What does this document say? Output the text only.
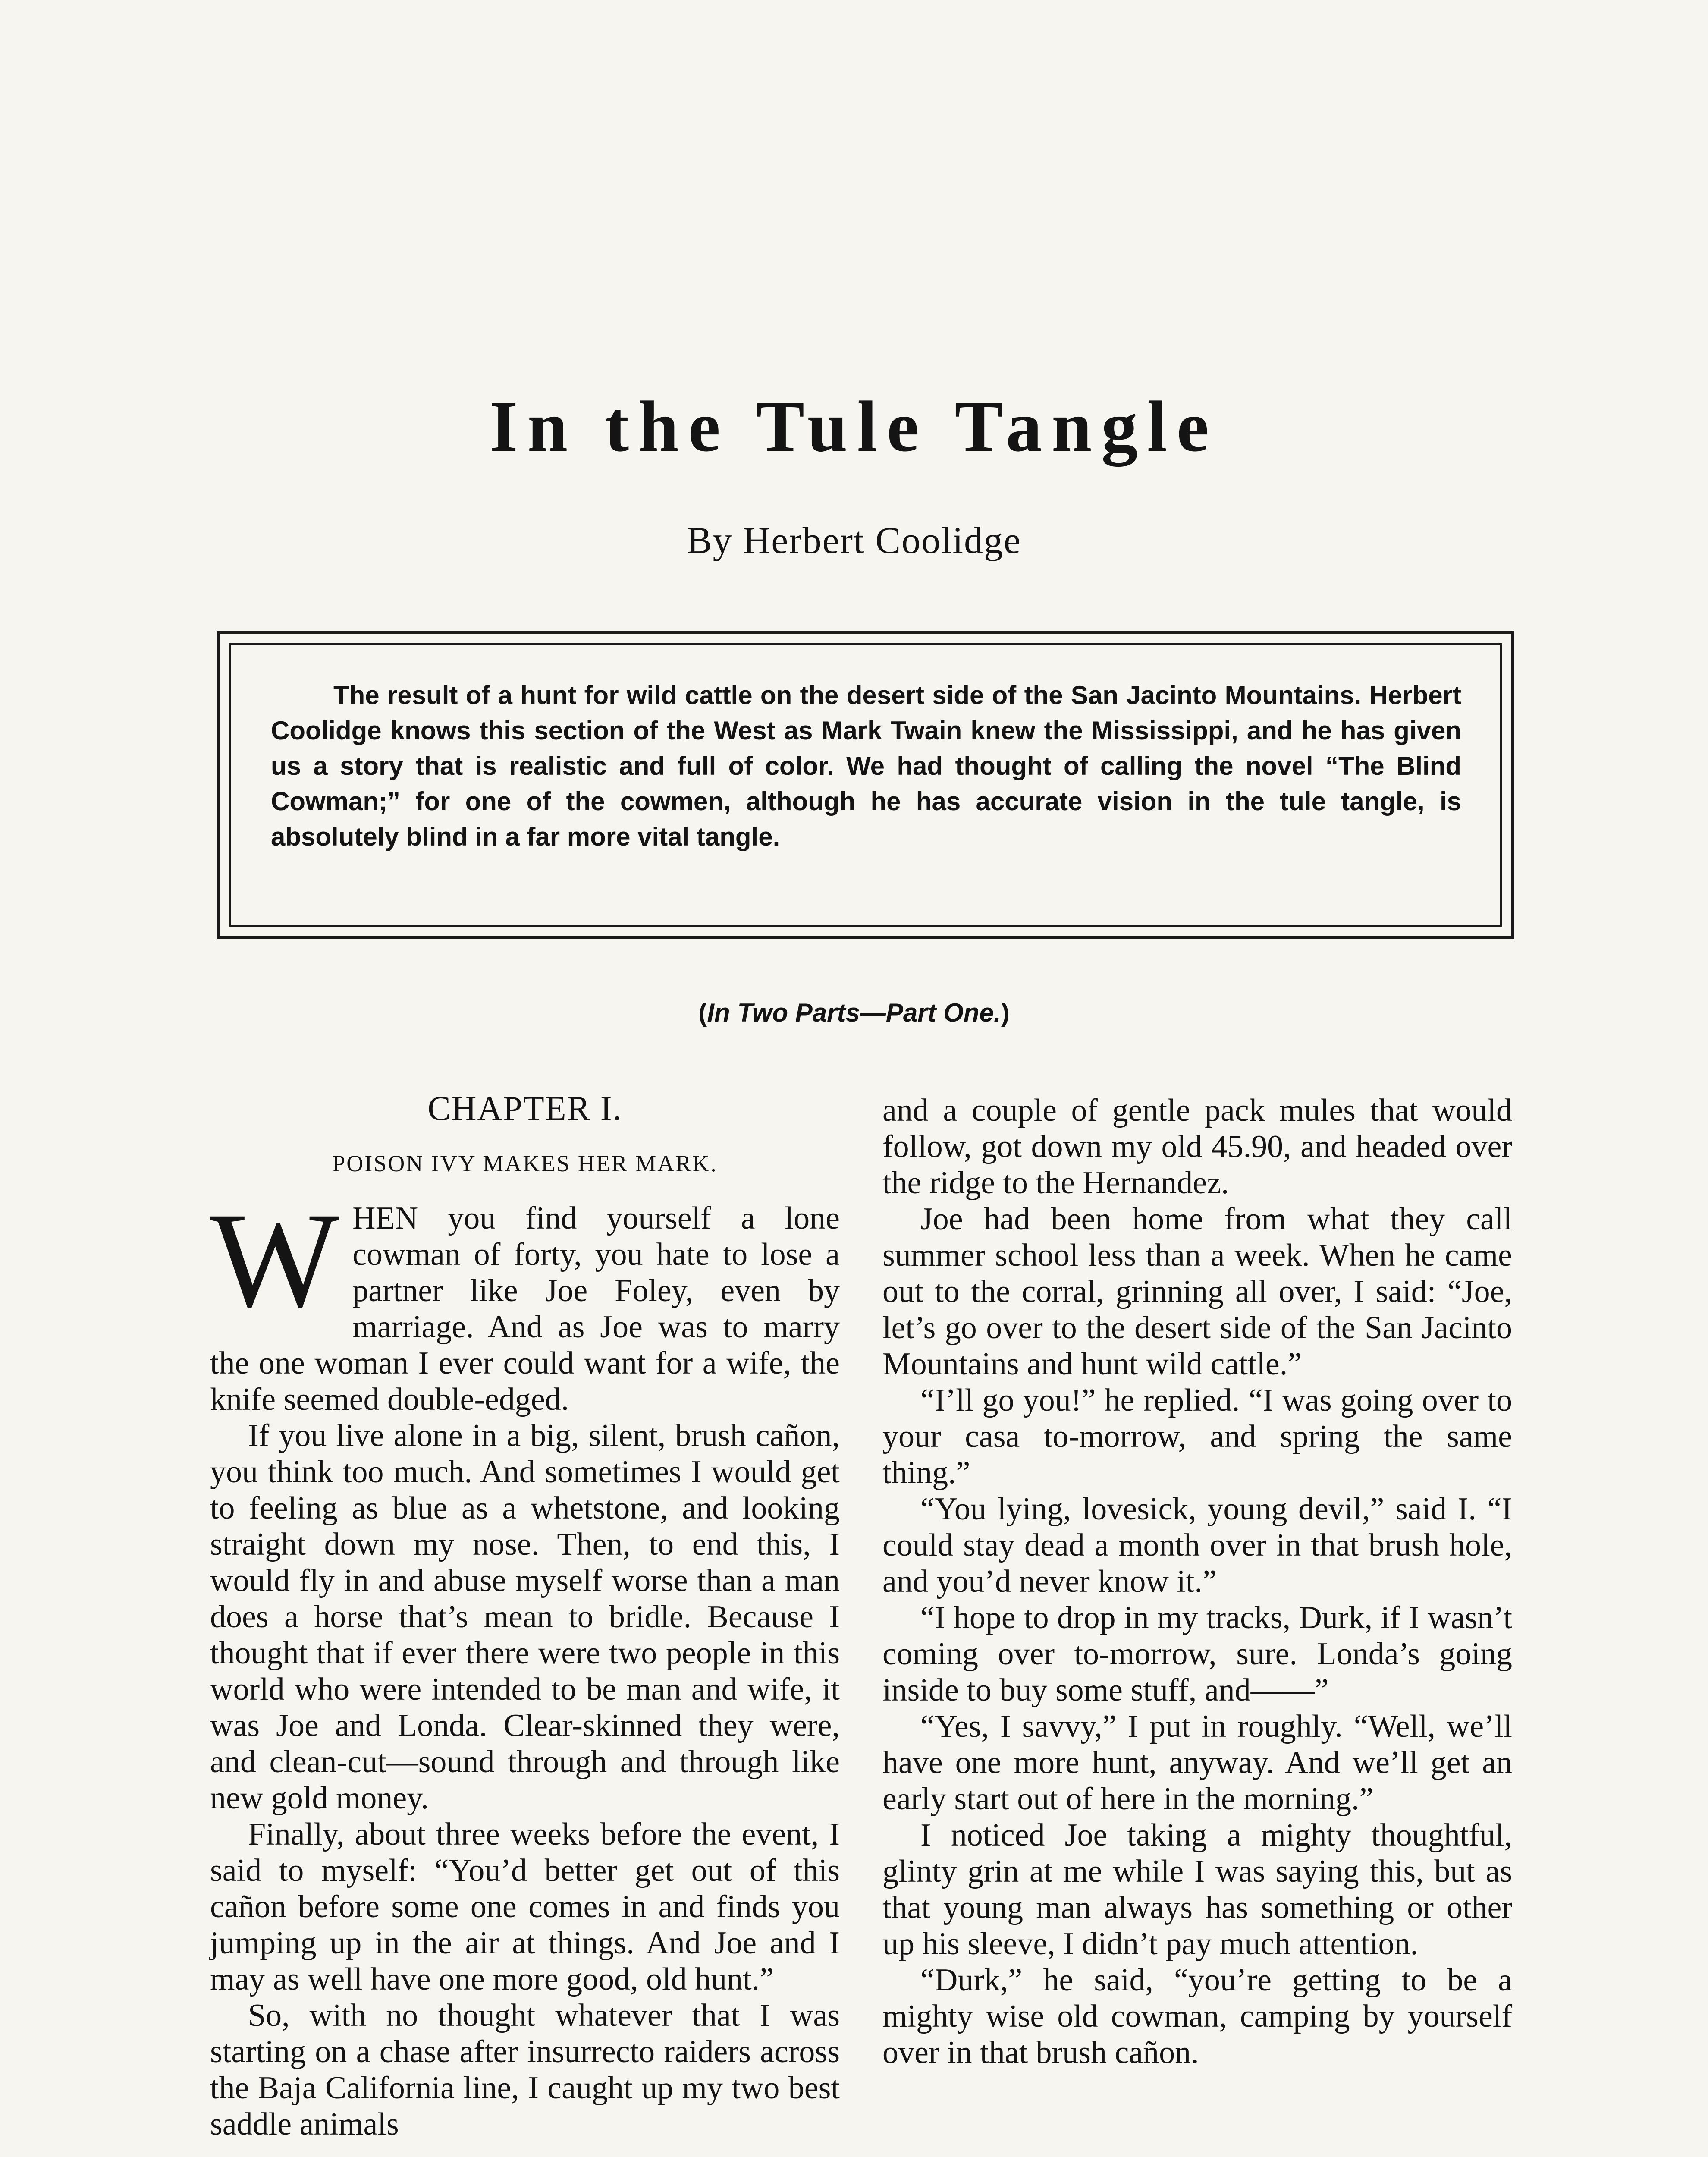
In the Tule Tangle
By Herbert Coolidge

The result of a hunt for wild cattle on the desert side of the San Jacinto Mountains. Herbert Coolidge knows this section of the West as Mark Twain knew the Mississippi, and he has given us a story that is realistic and full of color. We had thought of calling the novel “The Blind Cowman;” for one of the cowmen, although he has accurate vision in the tule tangle, is absolutely blind in a far more vital tangle.

(In Two Parts—Part One.)
CHAPTER I.
POISON IVY MAKES HER MARK.

WHEN you find yourself a lone cowman of forty, you hate to lose a partner like Joe Foley, even by marriage. And as Joe was to marry the one woman I ever could want for a wife, the knife seemed double-edged.

If you live alone in a big, silent, brush cañon, you think too much. And sometimes I would get to feeling as blue as a whetstone, and looking straight down my nose. Then, to end this, I would fly in and abuse myself worse than a man does a horse that’s mean to bridle. Because I thought that if ever there were two people in this world who were intended to be man and wife, it was Joe and Londa. Clear-skinned they were, and clean-cut—sound through and through like new gold money.

Finally, about three weeks before the event, I said to myself: “You’d better get out of this cañon before some one comes in and finds you jumping up in the air at things. And Joe and I may as well have one more good, old hunt.”

So, with no thought whatever that I was starting on a chase after insurrecto raiders across the Baja California line, I caught up my two best saddle animals

and a couple of gentle pack mules that would follow, got down my old 45.90, and headed over the ridge to the Hernandez.

Joe had been home from what they call summer school less than a week. When he came out to the corral, grinning all over, I said: “Joe, let’s go over to the desert side of the San Jacinto Mountains and hunt wild cattle.”

“I’ll go you!” he replied. “I was going over to your casa to-morrow, and spring the same thing.”

“You lying, lovesick, young devil,” said I. “I could stay dead a month over in that brush hole, and you’d never know it.”

“I hope to drop in my tracks, Durk, if I wasn’t coming over to-morrow, sure. Londa’s going inside to buy some stuff, and——”

“Yes, I savvy,” I put in roughly. “Well, we’ll have one more hunt, anyway. And we’ll get an early start out of here in the morning.”

I noticed Joe taking a mighty thoughtful, glinty grin at me while I was saying this, but as that young man always has something or other up his sleeve, I didn’t pay much attention.

“Durk,” he said, “you’re getting to be a mighty wise old cowman, camping by yourself over in that brush cañon.
